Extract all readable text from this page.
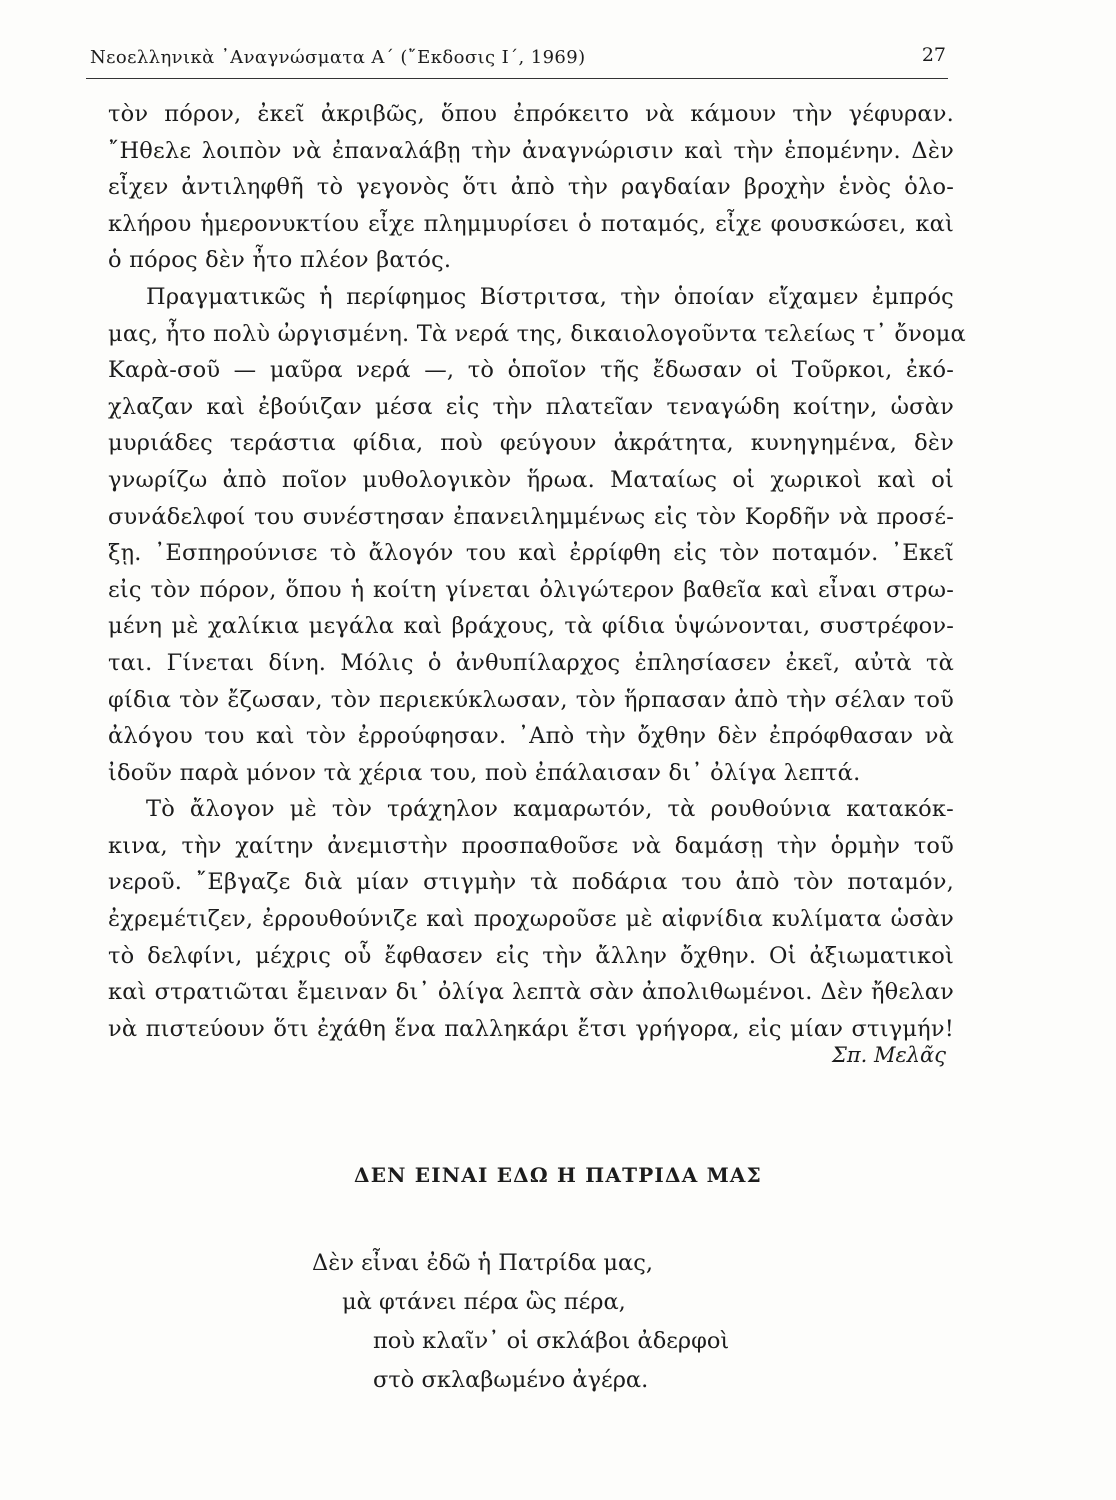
Νεοελληνικὰ ᾿Αναγνώσματα Α΄ (῎Εκδοσις Ι΄, 1969)	27
τὸν πόρον, ἐκεῖ ἀκριβῶς, ὅπου ἐπρόκειτο νὰ κάμουν τὴν γέφυραν.
῎Ηθελε λοιπὸν νὰ ἐπαναλάβῃ τὴν ἀναγνώρισιν καὶ τὴν ἑπομένην. Δὲν
εἶχεν ἀντιληφθῆ τὸ γεγονὸς ὅτι ἀπὸ τὴν ραγδαίαν βροχὴν ἑνὸς ὁλο-
κλήρου ἡμερονυκτίου εἶχε πλημμυρίσει ὁ ποταμός, εἶχε φουσκώσει, καὶ
ὁ πόρος δὲν ἦτο πλέον βατός.
Πραγματικῶς ἡ περίφημος Βίστριτσα, τὴν ὁποίαν εἴχαμεν ἐμπρός
μας, ἦτο πολὺ ὠργισμένη. Τὰ νερά της, δικαιολογοῦντα τελείως τ᾿ ὄνομα
Καρὰ-σοῦ — μαῦρα νερά —, τὸ ὁποῖον τῆς ἔδωσαν οἱ Τοῦρκοι, ἐκό-
χλαζαν καὶ ἐβούιζαν μέσα εἰς τὴν πλατεῖαν τεναγώδη κοίτην, ὡσὰν
μυριάδες τεράστια φίδια, ποὺ φεύγουν ἀκράτητα, κυνηγημένα, δὲν
γνωρίζω ἀπὸ ποῖον μυθολογικὸν ἥρωα. Ματαίως οἱ χωρικοὶ καὶ οἱ
συνάδελφοί του συνέστησαν ἐπανειλημμένως εἰς τὸν Κορδῆν νὰ προσέ-
ξῃ. ᾿Εσπηρούνισε τὸ ἄλογόν του καὶ ἐρρίφθη εἰς τὸν ποταμόν. ᾿Εκεῖ
εἰς τὸν πόρον, ὅπου ἡ κοίτη γίνεται ὀλιγώτερον βαθεῖα καὶ εἶναι στρω-
μένη μὲ χαλίκια μεγάλα καὶ βράχους, τὰ φίδια ὑψώνονται, συστρέφον-
ται. Γίνεται δίνη. Μόλις ὁ ἀνθυπίλαρχος ἐπλησίασεν ἐκεῖ, αὐτὰ τὰ
φίδια τὸν ἔζωσαν, τὸν περιεκύκλωσαν, τὸν ἥρπασαν ἀπὸ τὴν σέλαν τοῦ
ἀλόγου του καὶ τὸν ἐρρούφησαν. ᾿Απὸ τὴν ὄχθην δὲν ἐπρόφθασαν νὰ
ἰδοῦν παρὰ μόνον τὰ χέρια του, ποὺ ἐπάλαισαν δι᾿ ὀλίγα λεπτά.
Τὸ ἄλογον μὲ τὸν τράχηλον καμαρωτόν, τὰ ρουθούνια κατακόκ-
κινα, τὴν χαίτην ἀνεμιστὴν προσπαθοῦσε νὰ δαμάσῃ τὴν ὁρμὴν τοῦ
νεροῦ. ῎Εβγαζε διὰ μίαν στιγμὴν τὰ ποδάρια του ἀπὸ τὸν ποταμόν,
ἐχρεμέτιζεν, ἐρρουθούνιζε καὶ προχωροῦσε μὲ αἰφνίδια κυλίματα ὡσὰν
τὸ δελφίνι, μέχρις οὗ ἔφθασεν εἰς τὴν ἄλλην ὄχθην. Οἱ ἀξιωματικοὶ
καὶ στρατιῶται ἔμειναν δι᾿ ὀλίγα λεπτὰ σὰν ἀπολιθωμένοι. Δὲν ἤθελαν
νὰ πιστεύουν ὅτι ἐχάθη ἕνα παλληκάρι ἔτσι γρήγορα, εἰς μίαν στιγμήν!
Σπ. Μελᾶς
ΔΕΝ ΕΙΝΑΙ ΕΔΩ Η ΠΑΤΡΙΔΑ ΜΑΣ
Δὲν εἶναι ἐδῶ ἡ Πατρίδα μας,
μὰ φτάνει πέρα ὣς πέρα,
ποὺ κλαῖν᾿ οἱ σκλάβοι ἀδερφοὶ
στὸ σκλαβωμένο ἀγέρα.
